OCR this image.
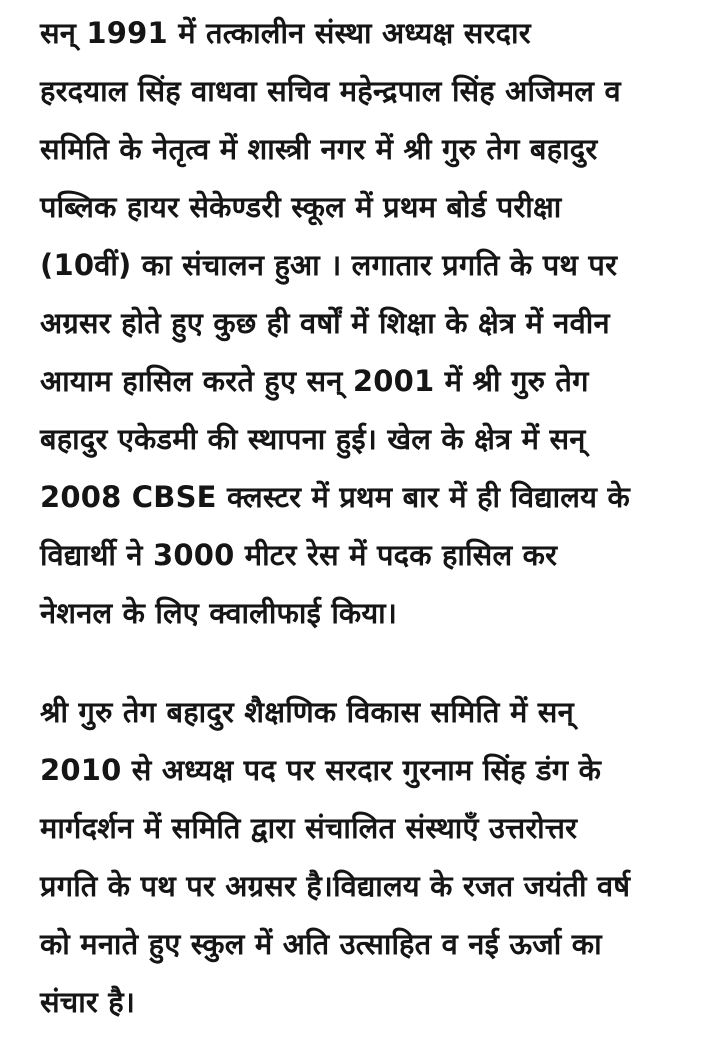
सन् 1991 में तत्कालीन संस्था अध्यक्ष सरदार
हरदयाल सिंह वाधवा सचिव महेन्द्रपाल सिंह अजिमल व
समिति के नेतृत्व में शास्त्री नगर में श्री गुरु तेग बहादुर
पब्लिक हायर सेकेण्डरी स्कूल में प्रथम बोर्ड परीक्षा
(10वीं) का संचालन हुआ । लगातार प्रगति के पथ पर
अग्रसर होते हुए कुछ ही वर्षों में शिक्षा के क्षेत्र में नवीन
आयाम हासिल करते हुए सन् 2001 में श्री गुरु तेग
बहादुर एकेडमी की स्थापना हुई। खेल के क्षेत्र में सन्
2008 CBSE क्लस्टर में प्रथम बार में ही विद्यालय के
विद्यार्थी ने 3000 मीटर रेस में पदक हासिल कर
नेशनल के लिए क्वालीफाई किया।
श्री गुरु तेग बहादुर शैक्षणिक विकास समिति में सन्
2010 से अध्यक्ष पद पर सरदार गुरनाम सिंह डंग के
मार्गदर्शन में समिति द्वारा संचालित संस्थाएँ उत्तरोत्तर
प्रगति के पथ पर अग्रसर है।विद्यालय के रजत जयंती वर्ष
को मनाते हुए स्कुल में अति उत्साहित व नई ऊर्जा का
संचार है।
